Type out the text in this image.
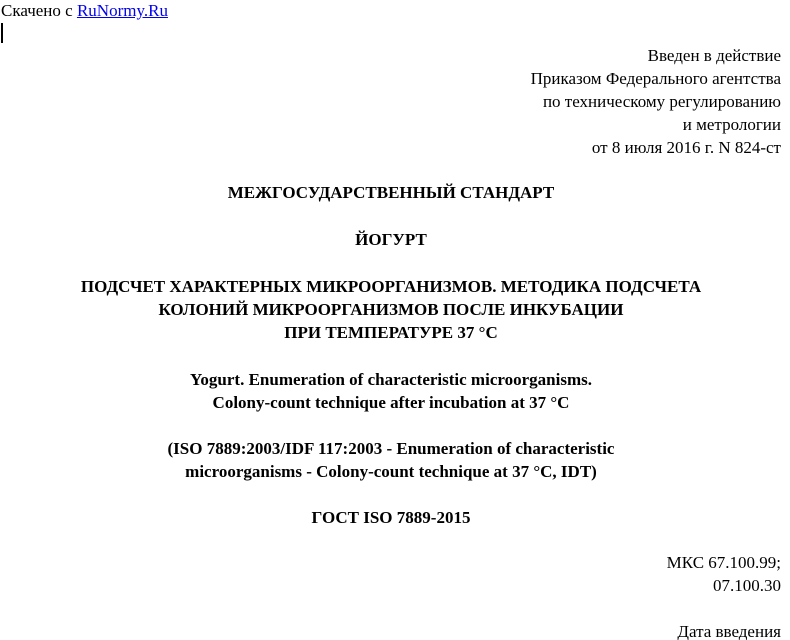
Скачено с RuNormy.Ru
Введен в действие
Приказом Федерального агентства
по техническому регулированию
и метрологии
от 8 июля 2016 г. N 824-ст
МЕЖГОСУДАРСТВЕННЫЙ СТАНДАРТ
ЙОГУРТ
ПОДСЧЕТ ХАРАКТЕРНЫХ МИКРООРГАНИЗМОВ. МЕТОДИКА ПОДСЧЕТА
КОЛОНИЙ МИКРООРГАНИЗМОВ ПОСЛЕ ИНКУБАЦИИ
ПРИ ТЕМПЕРАТУРЕ 37 °C
Yogurt. Enumeration of characteristic microorganisms.
Colony-count technique after incubation at 37 °C
(ISO 7889:2003/IDF 117:2003 - Enumeration of characteristic
microorganisms - Colony-count technique at 37 °C, IDT)
ГОСТ ISO 7889-2015
МКС 67.100.99;
07.100.30
Дата введения
